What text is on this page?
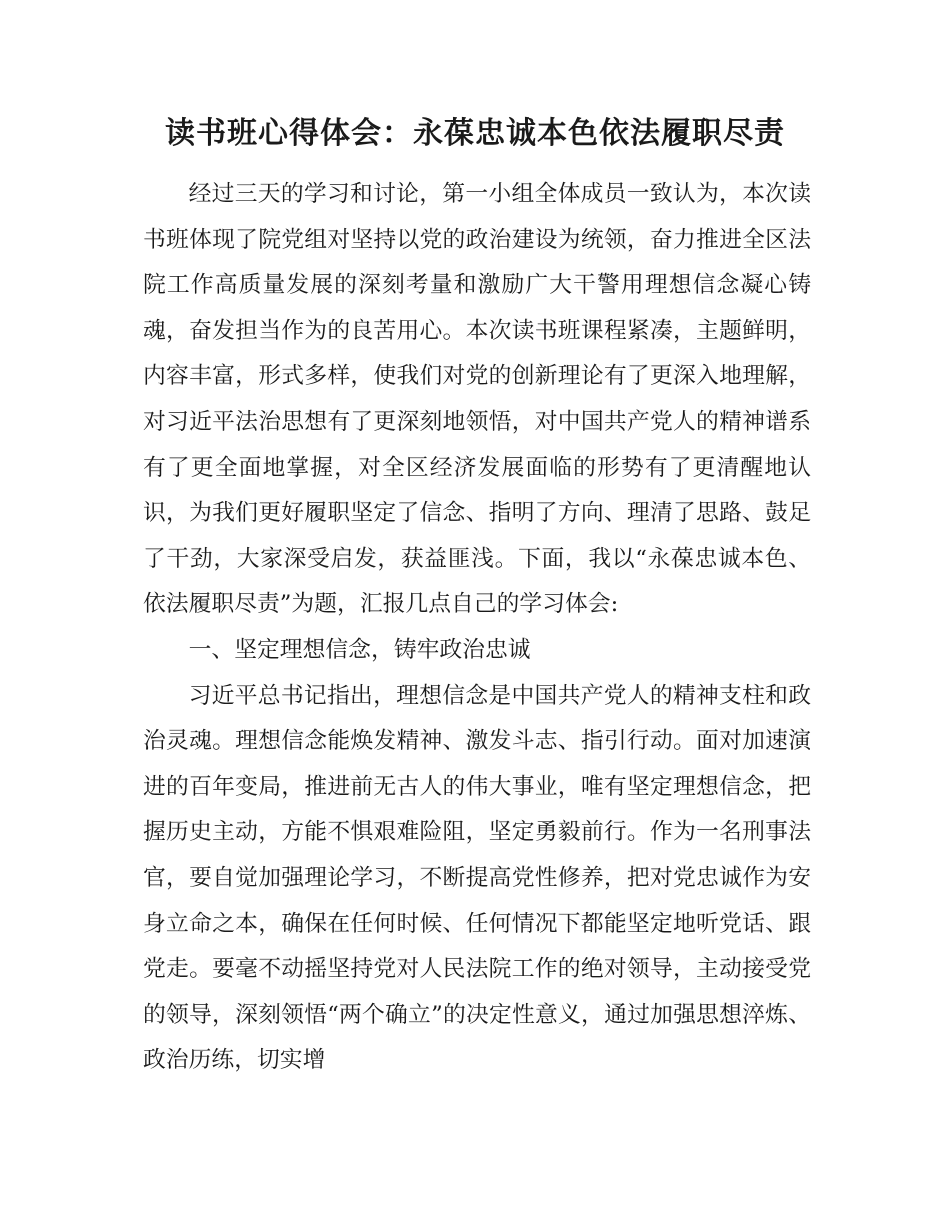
读书班心得体会：永葆忠诚本色依法履职尽责

经过三天的学习和讨论，第一小组全体成员一致认为，本次读书班体现了院党组对坚持以党的政治建设为统领，奋力推进全区法院工作高质量发展的深刻考量和激励广大干警用理想信念凝心铸魂，奋发担当作为的良苦用心。本次读书班课程紧凑，主题鲜明，内容丰富，形式多样，使我们对党的创新理论有了更深入地理解，对习近平法治思想有了更深刻地领悟，对中国共产党人的精神谱系有了更全面地掌握，对全区经济发展面临的形势有了更清醒地认识，为我们更好履职坚定了信念、指明了方向、理清了思路、鼓足了干劲，大家深受启发，获益匪浅。下面，我以“永葆忠诚本色、依法履职尽责”为题，汇报几点自己的学习体会:

一、坚定理想信念，铸牢政治忠诚

习近平总书记指出，理想信念是中国共产党人的精神支柱和政治灵魂。理想信念能焕发精神、激发斗志、指引行动。面对加速演进的百年变局，推进前无古人的伟大事业，唯有坚定理想信念，把握历史主动，方能不惧艰难险阻，坚定勇毅前行。作为一名刑事法官，要自觉加强理论学习，不断提高党性修养，把对党忠诚作为安身立命之本，确保在任何时候、任何情况下都能坚定地听党话、跟党走。要毫不动摇坚持党对人民法院工作的绝对领导，主动接受党的领导，深刻领悟“两个确立”的决定性意义，通过加强思想淬炼、政治历练，切实增
